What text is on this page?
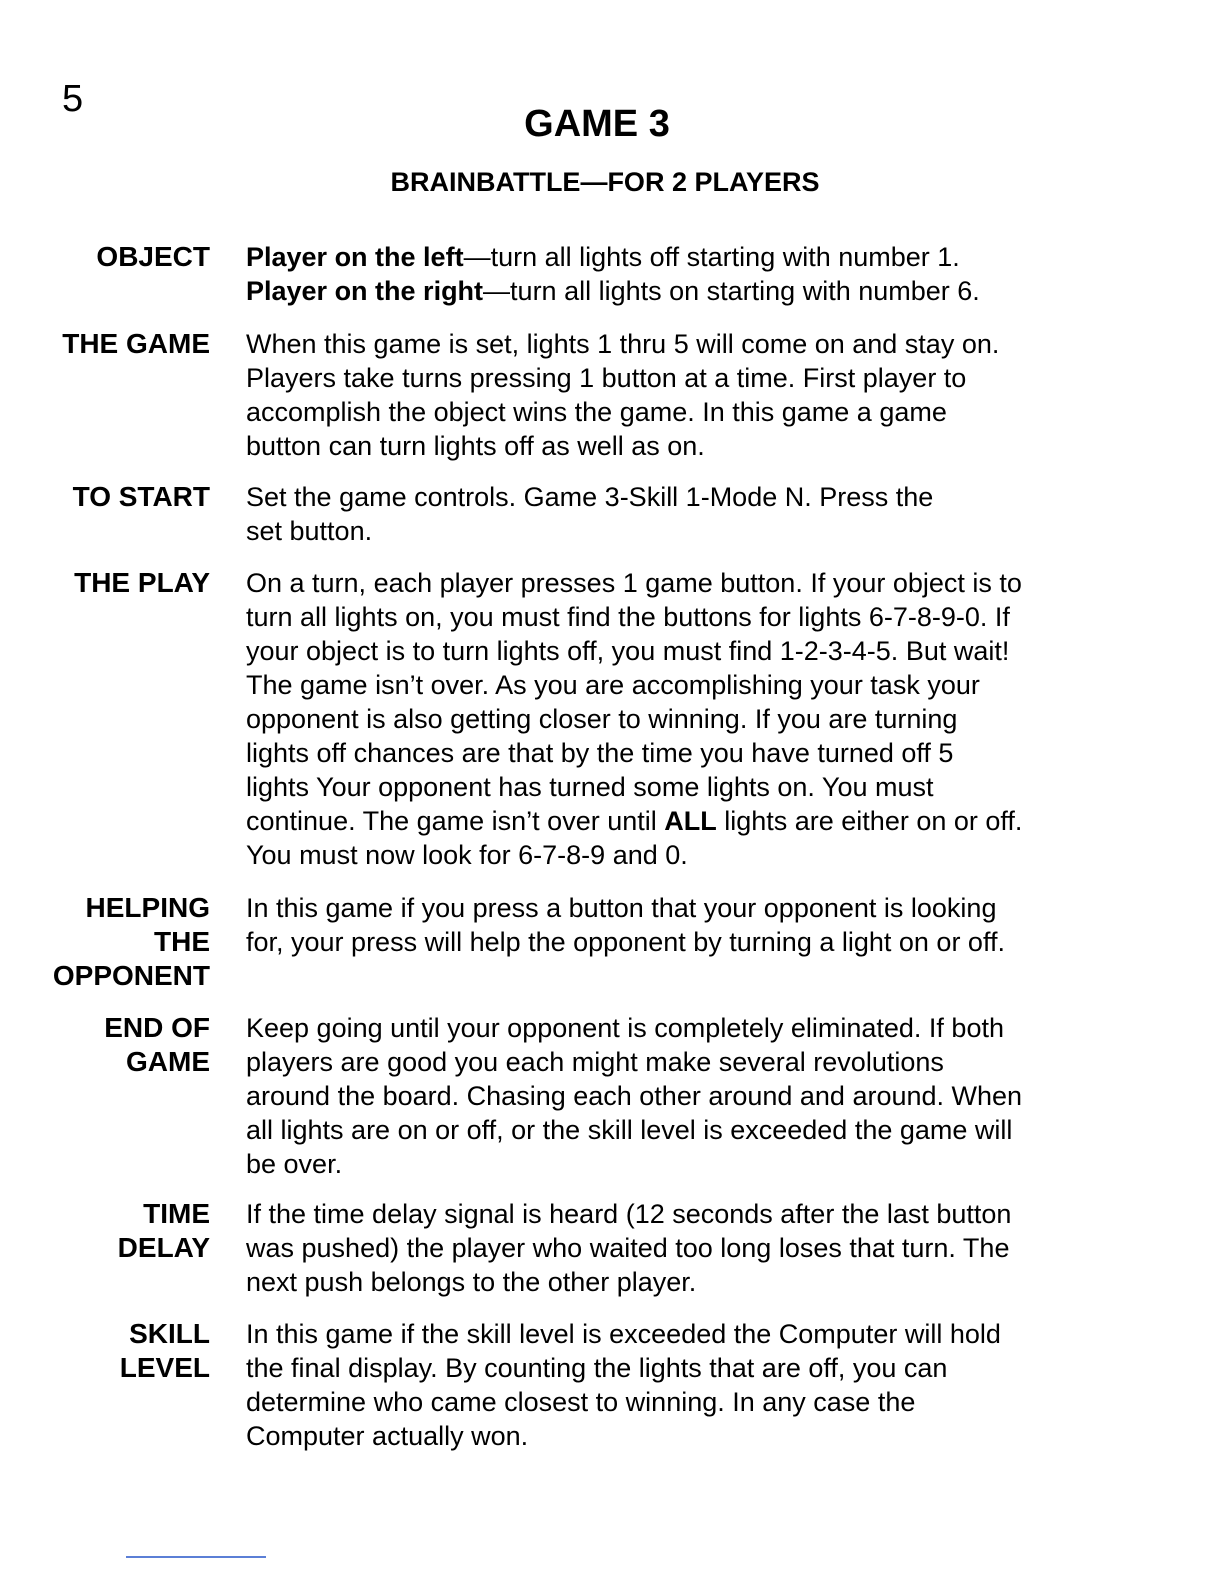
5
GAME 3
BRAINBATTLE—FOR 2 PLAYERS
OBJECT Player on the left—turn all lights off starting with number 1.
Player on the right—turn all lights on starting with number 6.
THE GAME When this game is set, lights 1 thru 5 will come on and stay on.
Players take turns pressing 1 button at a time. First player to
accomplish the object wins the game. In this game a game
button can turn lights off as well as on.
TO START Set the game controls. Game 3-Skill 1-Mode N. Press the
set button.
THE PLAY On a turn, each player presses 1 game button. If your object is to
turn all lights on, you must find the buttons for lights 6-7-8-9-0. If
your object is to turn lights off, you must find 1-2-3-4-5. But wait!
The game isn’t over. As you are accomplishing your task your
opponent is also getting closer to winning. If you are turning
lights off chances are that by the time you have turned off 5
lights Your opponent has turned some lights on. You must
continue. The game isn’t over until ALL lights are either on or off.
You must now look for 6-7-8-9 and 0.
HELPING
THE
OPPONENT
In this game if you press a button that your opponent is looking
for, your press will help the opponent by turning a light on or off.
END OF
GAME
Keep going until your opponent is completely eliminated. If both
players are good you each might make several revolutions
around the board. Chasing each other around and around. When
all lights are on or off, or the skill level is exceeded the game will
be over.
TIME
DELAY
If the time delay signal is heard (12 seconds after the last button
was pushed) the player who waited too long loses that turn. The
next push belongs to the other player.
SKILL
LEVEL
In this game if the skill level is exceeded the Computer will hold
the final display. By counting the lights that are off, you can
determine who came closest to winning. In any case the
Computer actually won.
